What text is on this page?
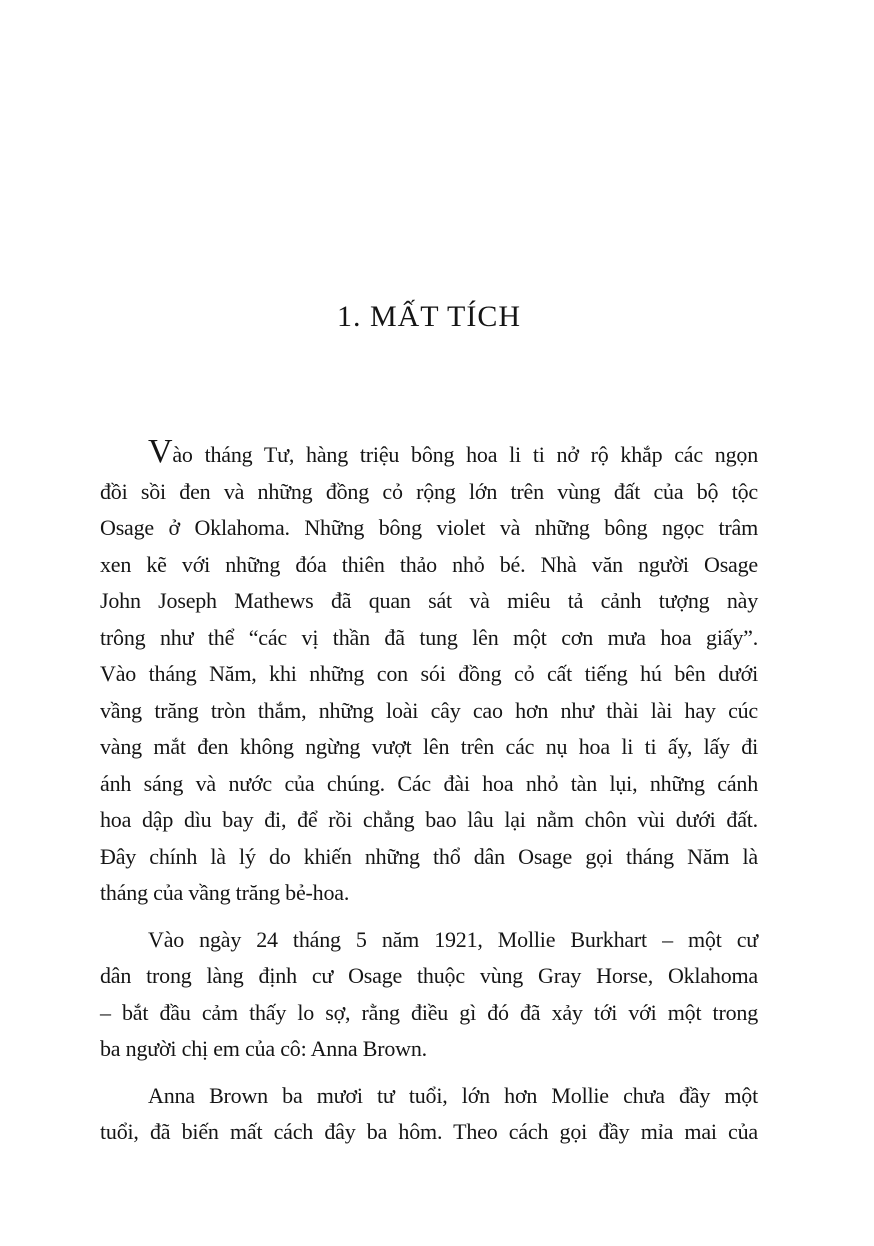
1. MẤT TÍCH
Vào tháng Tư, hàng triệu bông hoa li ti nở rộ khắp các ngọn
đồi sồi đen và những đồng cỏ rộng lớn trên vùng đất của bộ tộc
Osage ở Oklahoma. Những bông violet và những bông ngọc trâm
xen kẽ với những đóa thiên thảo nhỏ bé. Nhà văn người Osage
John Joseph Mathews đã quan sát và miêu tả cảnh tượng này
trông như thể “các vị thần đã tung lên một cơn mưa hoa giấy”.
Vào tháng Năm, khi những con sói đồng cỏ cất tiếng hú bên dưới
vầng trăng tròn thắm, những loài cây cao hơn như thài lài hay cúc
vàng mắt đen không ngừng vượt lên trên các nụ hoa li ti ấy, lấy đi
ánh sáng và nước của chúng. Các đài hoa nhỏ tàn lụi, những cánh
hoa dập dìu bay đi, để rồi chẳng bao lâu lại nằm chôn vùi dưới đất.
Đây chính là lý do khiến những thổ dân Osage gọi tháng Năm là
tháng của vầng trăng bẻ-hoa.
Vào ngày 24 tháng 5 năm 1921, Mollie Burkhart – một cư
dân trong làng định cư Osage thuộc vùng Gray Horse, Oklahoma
– bắt đầu cảm thấy lo sợ, rằng điều gì đó đã xảy tới với một trong
ba người chị em của cô: Anna Brown.
Anna Brown ba mươi tư tuổi, lớn hơn Mollie chưa đầy một
tuổi, đã biến mất cách đây ba hôm. Theo cách gọi đầy mỉa mai của
